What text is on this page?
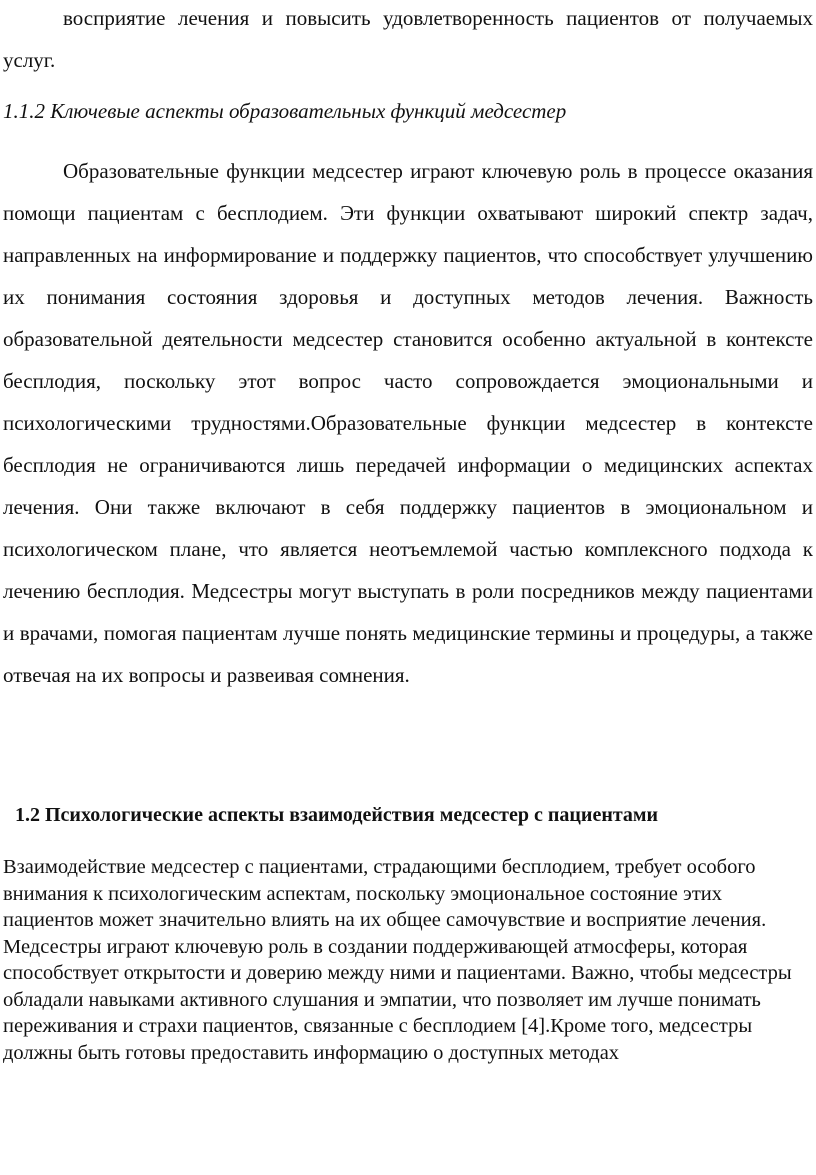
восприятие лечения и повысить удовлетворенность пациентов от получаемых услуг.

1.1.2 Ключевые аспекты образовательных функций медсестер

Образовательные функции медсестер играют ключевую роль в процессе оказания помощи пациентам с бесплодием. Эти функции охватывают широкий спектр задач, направленных на информирование и поддержку пациентов, что способствует улучшению их понимания состояния здоровья и доступных методов лечения. Важность образовательной деятельности медсестер становится особенно актуальной в контексте бесплодия, поскольку этот вопрос часто сопровождается эмоциональными и психологическими трудностями.Образовательные функции медсестер в контексте бесплодия не ограничиваются лишь передачей информации о медицинских аспектах лечения. Они также включают в себя поддержку пациентов в эмоциональном и психологическом плане, что является неотъемлемой частью комплексного подхода к лечению бесплодия. Медсестры могут выступать в роли посредников между пациентами и врачами, помогая пациентам лучше понять медицинские термины и процедуры, а также отвечая на их вопросы и развеивая сомнения.

1.2 Психологические аспекты взаимодействия медсестер с пациентами

Взаимодействие медсестер с пациентами, страдающими бесплодием, требует особого внимания к психологическим аспектам, поскольку эмоциональное состояние этих пациентов может значительно влиять на их общее самочувствие и восприятие лечения. Медсестры играют ключевую роль в создании поддерживающей атмосферы, которая способствует открытости и доверию между ними и пациентами. Важно, чтобы медсестры обладали навыками активного слушания и эмпатии, что позволяет им лучше понимать переживания и страхи пациентов, связанные с бесплодием [4].Кроме того, медсестры должны быть готовы предоставить информацию о доступных методах
